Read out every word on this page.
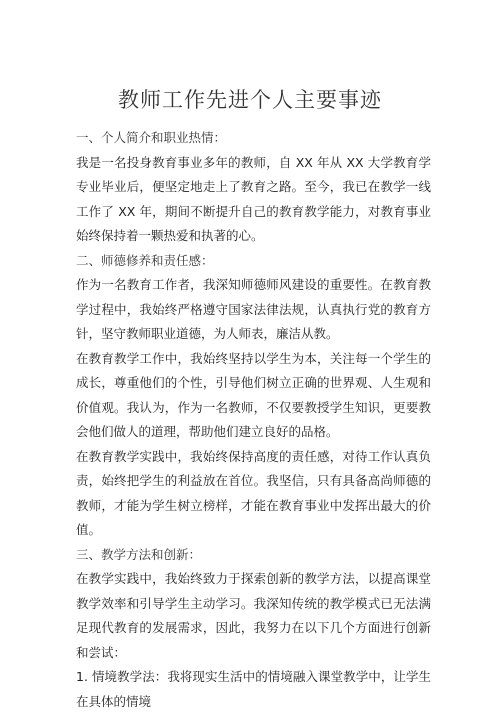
教师工作先进个人主要事迹

一、个人简介和职业热情：

我是一名投身教育事业多年的教师，自 XX 年从 XX 大学教育学专业毕业后，便坚定地走上了教育之路。至今，我已在教学一线工作了 XX 年，期间不断提升自己的教育教学能力，对教育事业始终保持着一颗热爱和执著的心。

二、师德修养和责任感：

作为一名教育工作者，我深知师德师风建设的重要性。在教育教学过程中，我始终严格遵守国家法律法规，认真执行党的教育方针，坚守教师职业道德，为人师表，廉洁从教。

在教育教学工作中，我始终坚持以学生为本，关注每一个学生的成长，尊重他们的个性，引导他们树立正确的世界观、人生观和价值观。我认为，作为一名教师，不仅要教授学生知识，更要教会他们做人的道理，帮助他们建立良好的品格。

在教育教学实践中，我始终保持高度的责任感，对待工作认真负责，始终把学生的利益放在首位。我坚信，只有具备高尚师德的教师，才能为学生树立榜样，才能在教育事业中发挥出最大的价值。

三、教学方法和创新：

在教学实践中，我始终致力于探索创新的教学方法，以提高课堂教学效率和引导学生主动学习。我深知传统的教学模式已无法满足现代教育的发展需求，因此，我努力在以下几个方面进行创新和尝试：

1. 情境教学法：我将现实生活中的情境融入课堂教学中，让学生在具体的情境
